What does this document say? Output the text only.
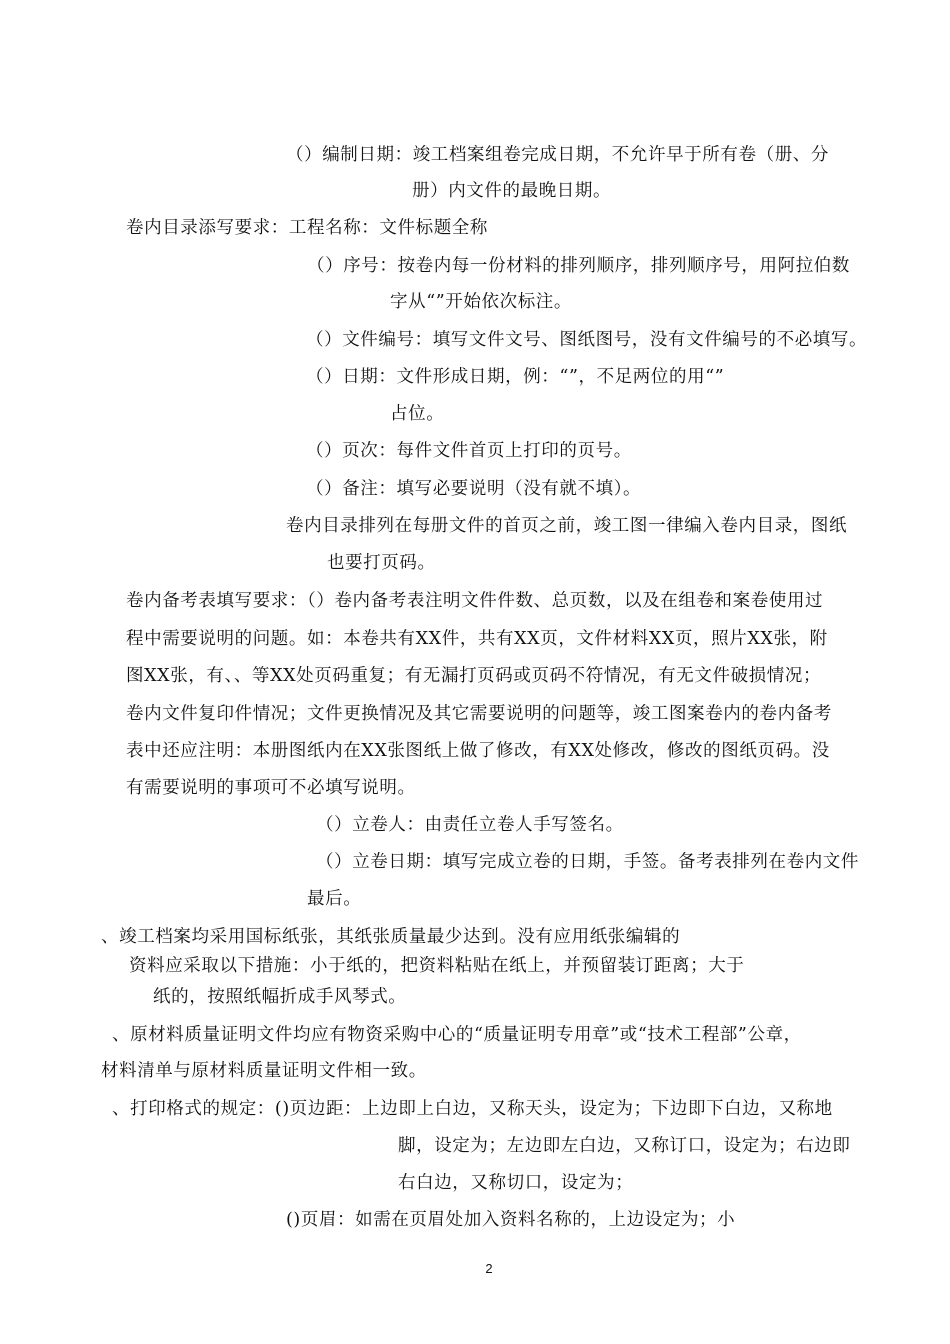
（）编制日期：竣工档案组卷完成日期，不允许早于所有卷（册、分
册）内文件的最晚日期。
卷内目录添写要求：工程名称：文件标题全称
（）序号：按卷内每一份材料的排列顺序，排列顺序号，用阿拉伯数
字从“”开始依次标注。
（）文件编号：填写文件文号、图纸图号，没有文件编号的不必填写。
（）日期：文件形成日期，例：“”，不足两位的用“”
占位。
（）页次：每件文件首页上打印的页号。
（）备注：填写必要说明（没有就不填）。
卷内目录排列在每册文件的首页之前，竣工图一律编入卷内目录，图纸
也要打页码。
卷内备考表填写要求：（）卷内备考表注明文件件数、总页数，以及在组卷和案卷使用过
程中需要说明的问题。如：本卷共有XX件，共有XX页，文件材料XX页，照片XX张，附
图XX张，有、、等XX处页码重复；有无漏打页码或页码不符情况，有无文件破损情况；
卷内文件复印件情况；文件更换情况及其它需要说明的问题等，竣工图案卷内的卷内备考
表中还应注明：本册图纸内在XX张图纸上做了修改，有XX处修改，修改的图纸页码。没
有需要说明的事项可不必填写说明。
（）立卷人：由责任立卷人手写签名。
（）立卷日期：填写完成立卷的日期，手签。备考表排列在卷内文件
最后。
、竣工档案均采用国标纸张，其纸张质量最少达到。没有应用纸张编辑的
资料应采取以下措施：小于纸的，把资料粘贴在纸上，并预留装订距离；大于
纸的，按照纸幅折成手风琴式。
、原材料质量证明文件均应有物资采购中心的“质量证明专用章”或“技术工程部”公章，
材料清单与原材料质量证明文件相一致。
、打印格式的规定：()页边距：上边即上白边，又称天头，设定为；下边即下白边，又称地
脚，设定为；左边即左白边，又称订口，设定为；右边即
右白边，又称切口，设定为；
()页眉：如需在页眉处加入资料名称的，上边设定为；小
2
